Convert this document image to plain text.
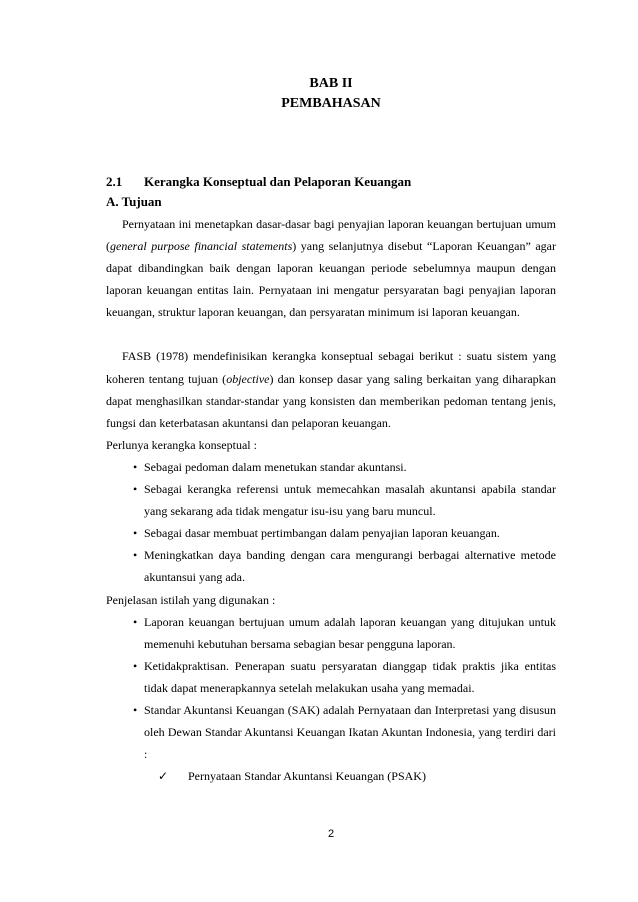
BAB II
PEMBAHASAN
2.1 Kerangka Konseptual dan Pelaporan Keuangan
A. Tujuan

Pernyataan ini menetapkan dasar-dasar bagi penyajian laporan keuangan bertujuan umum (general purpose financial statements) yang selanjutnya disebut “Laporan Keuangan” agar dapat dibandingkan baik dengan laporan keuangan periode sebelumnya maupun dengan laporan keuangan entitas lain. Pernyataan ini mengatur persyaratan bagi penyajian laporan keuangan, struktur laporan keuangan, dan persyaratan minimum isi laporan keuangan.

FASB (1978) mendefinisikan kerangka konseptual sebagai berikut : suatu sistem yang koheren tentang tujuan (objective) dan konsep dasar yang saling berkaitan yang diharapkan dapat menghasilkan standar-standar yang konsisten dan memberikan pedoman tentang jenis, fungsi dan keterbatasan akuntansi dan pelaporan keuangan.

Perlunya kerangka konseptual :
• Sebagai pedoman dalam menetukan standar akuntansi.
• Sebagai kerangka referensi untuk memecahkan masalah akuntansi apabila standar yang sekarang ada tidak mengatur isu-isu yang baru muncul.
• Sebagai dasar membuat pertimbangan dalam penyajian laporan keuangan.
• Meningkatkan daya banding dengan cara mengurangi berbagai alternative metode akuntansui yang ada.
Penjelasan istilah yang digunakan :
• Laporan keuangan bertujuan umum adalah laporan keuangan yang ditujukan untuk memenuhi kebutuhan bersama sebagian besar pengguna laporan.
• Ketidakpraktisan. Penerapan suatu persyaratan dianggap tidak praktis jika entitas tidak dapat menerapkannya setelah melakukan usaha yang memadai.
• Standar Akuntansi Keuangan (SAK) adalah Pernyataan dan Interpretasi yang disusun oleh Dewan Standar Akuntansi Keuangan Ikatan Akuntan Indonesia, yang terdiri dari :
✓ Pernyataan Standar Akuntansi Keuangan (PSAK)
2
